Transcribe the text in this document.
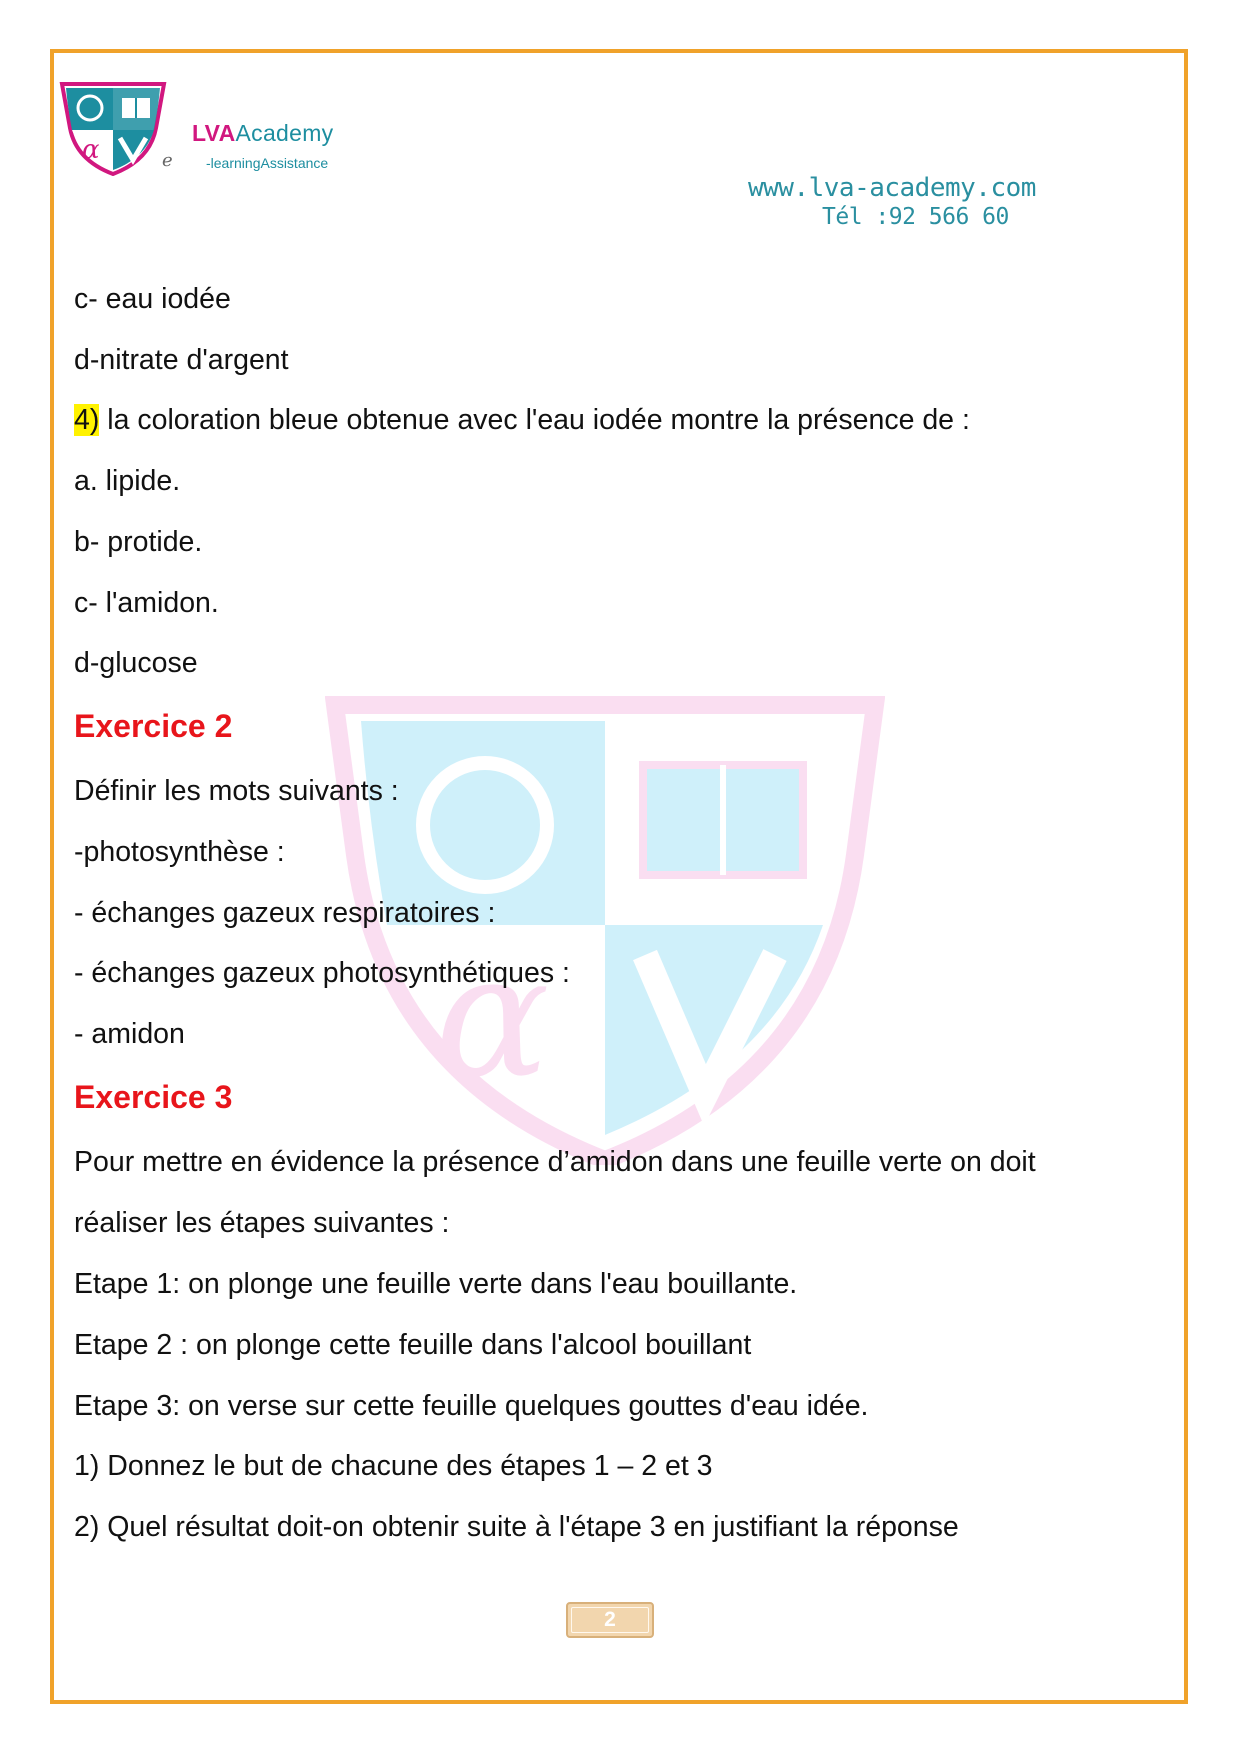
α	e
LVAAcademy
-learningAssistance
www.lva-academy.com
Tél :92 566 60
α
c- eau iodée
d-nitrate d'argent
4) la coloration bleue obtenue avec l'eau iodée montre la présence de :
a. lipide.
b- protide.
c- l'amidon.
d-glucose
Exercice 2
Définir les mots suivants :
-photosynthèse :
- échanges gazeux respiratoires :
- échanges gazeux photosynthétiques :
- amidon
Exercice 3
Pour mettre en évidence la présence d’amidon dans une feuille verte on doit
réaliser les étapes suivantes :
Etape 1: on plonge une feuille verte dans l'eau bouillante.
Etape 2 : on plonge cette feuille dans l'alcool bouillant
Etape 3: on verse sur cette feuille quelques gouttes d'eau idée.
1) Donnez le but de chacune des étapes 1 – 2 et 3
2) Quel résultat doit-on obtenir suite à l'étape 3 en justifiant la réponse
2
